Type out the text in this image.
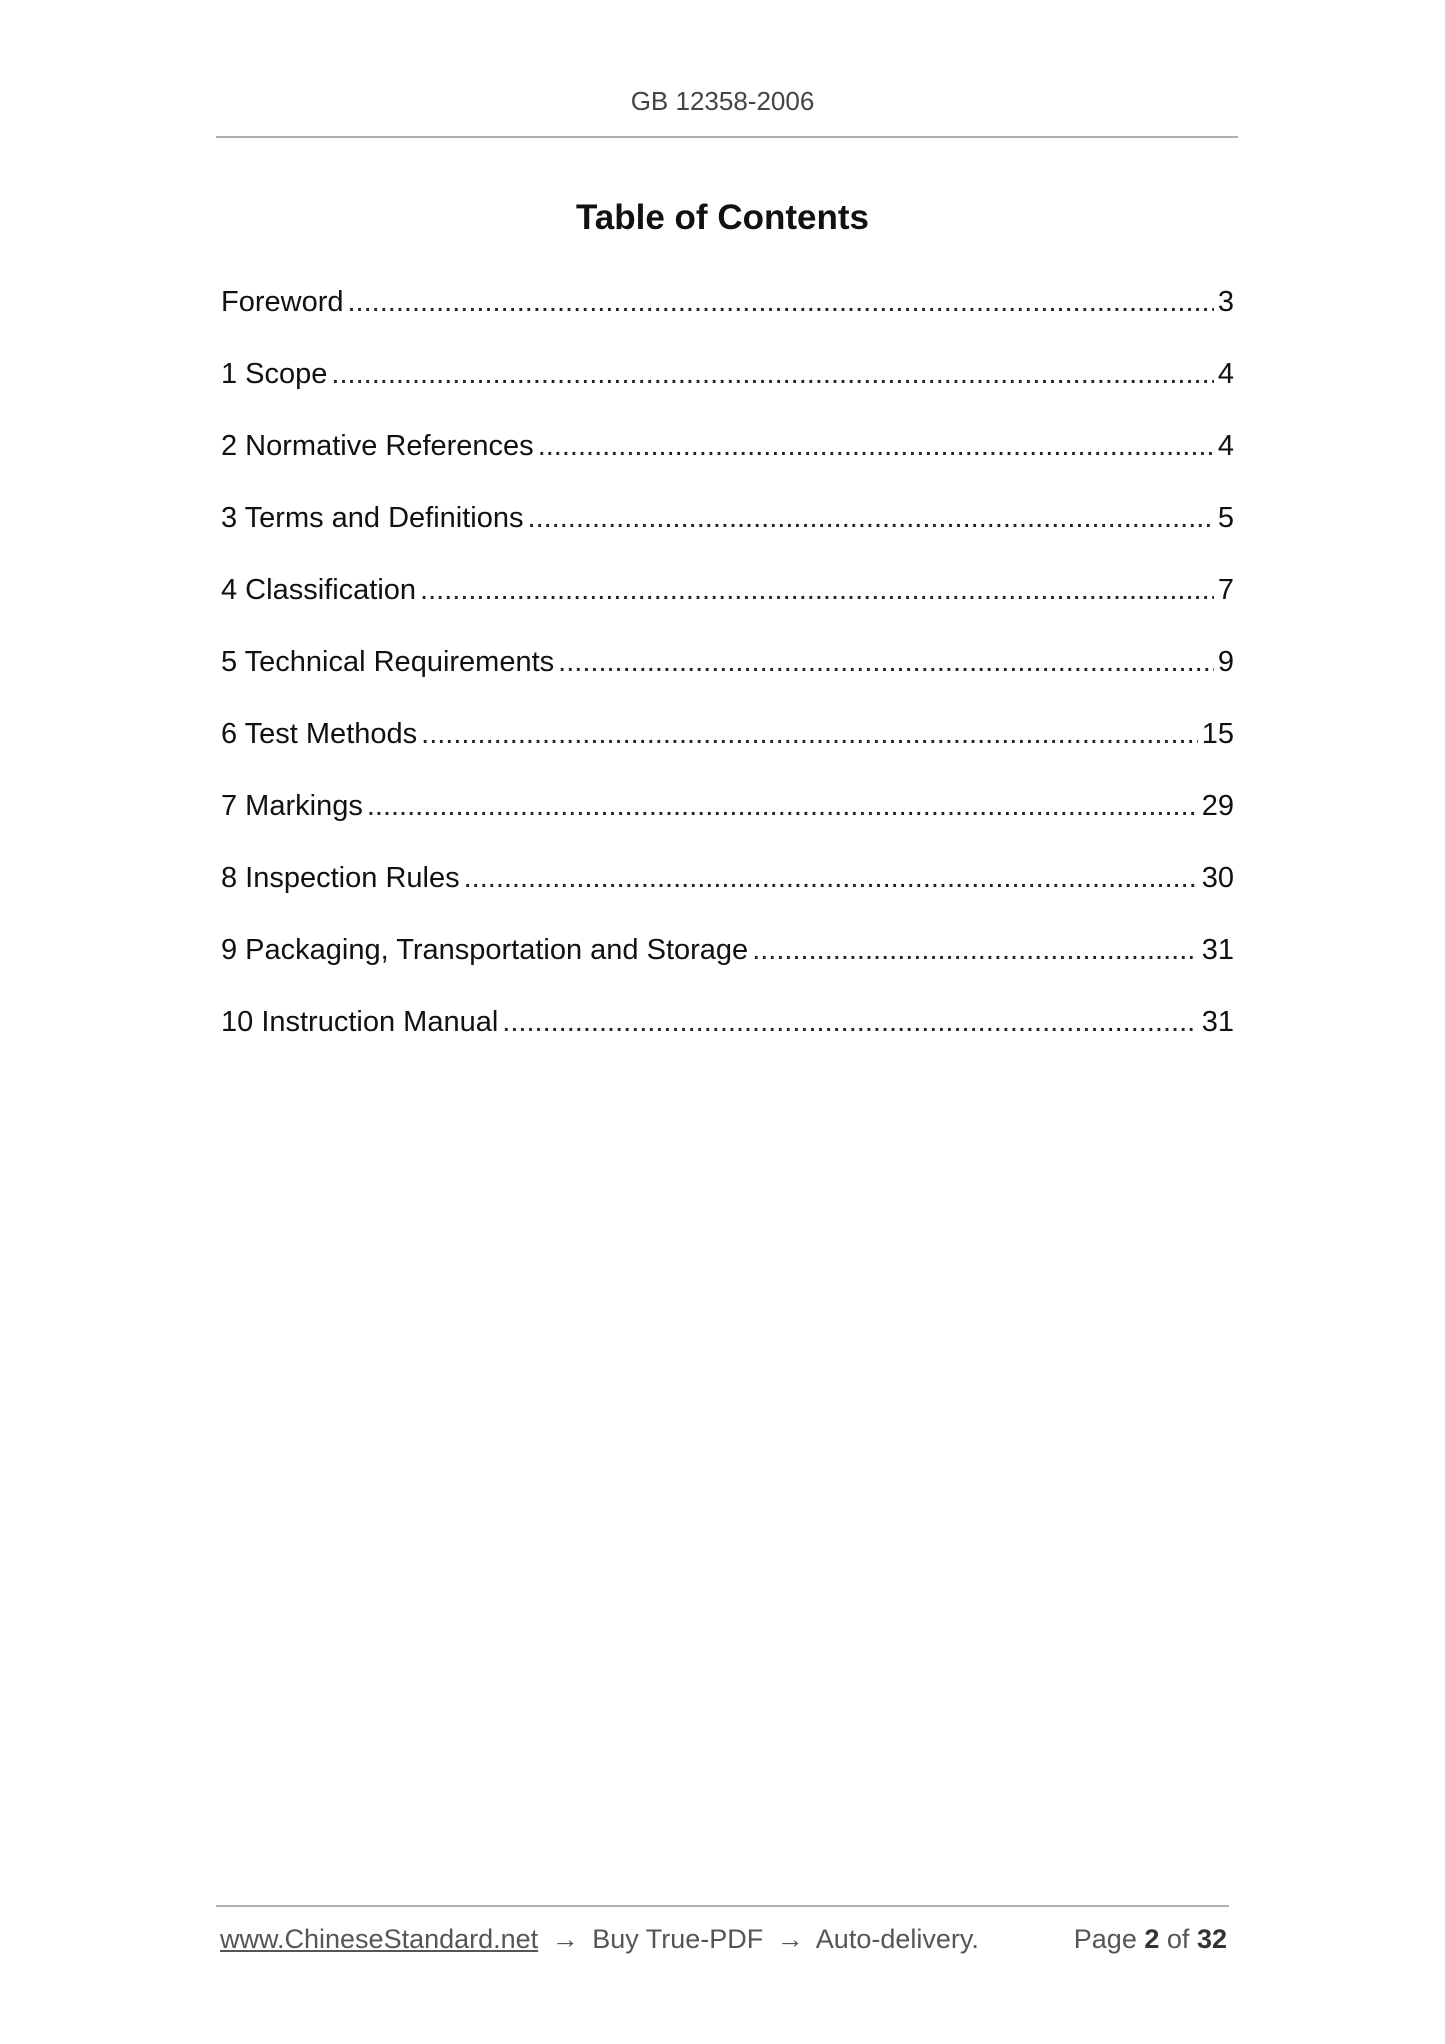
GB 12358-2006
Table of Contents
Foreword .....	3
1 Scope .....	4
2 Normative References .....	4
3 Terms and Definitions .....	5
4 Classification .....	7
5 Technical Requirements .....	9
6 Test Methods .....	15
7 Markings .....	29
8 Inspection Rules .....	30
9 Packaging, Transportation and Storage .....	31
10 Instruction Manual .....	31
www.ChineseStandard.net → Buy True-PDF → Auto-delivery.	Page 2 of 32
